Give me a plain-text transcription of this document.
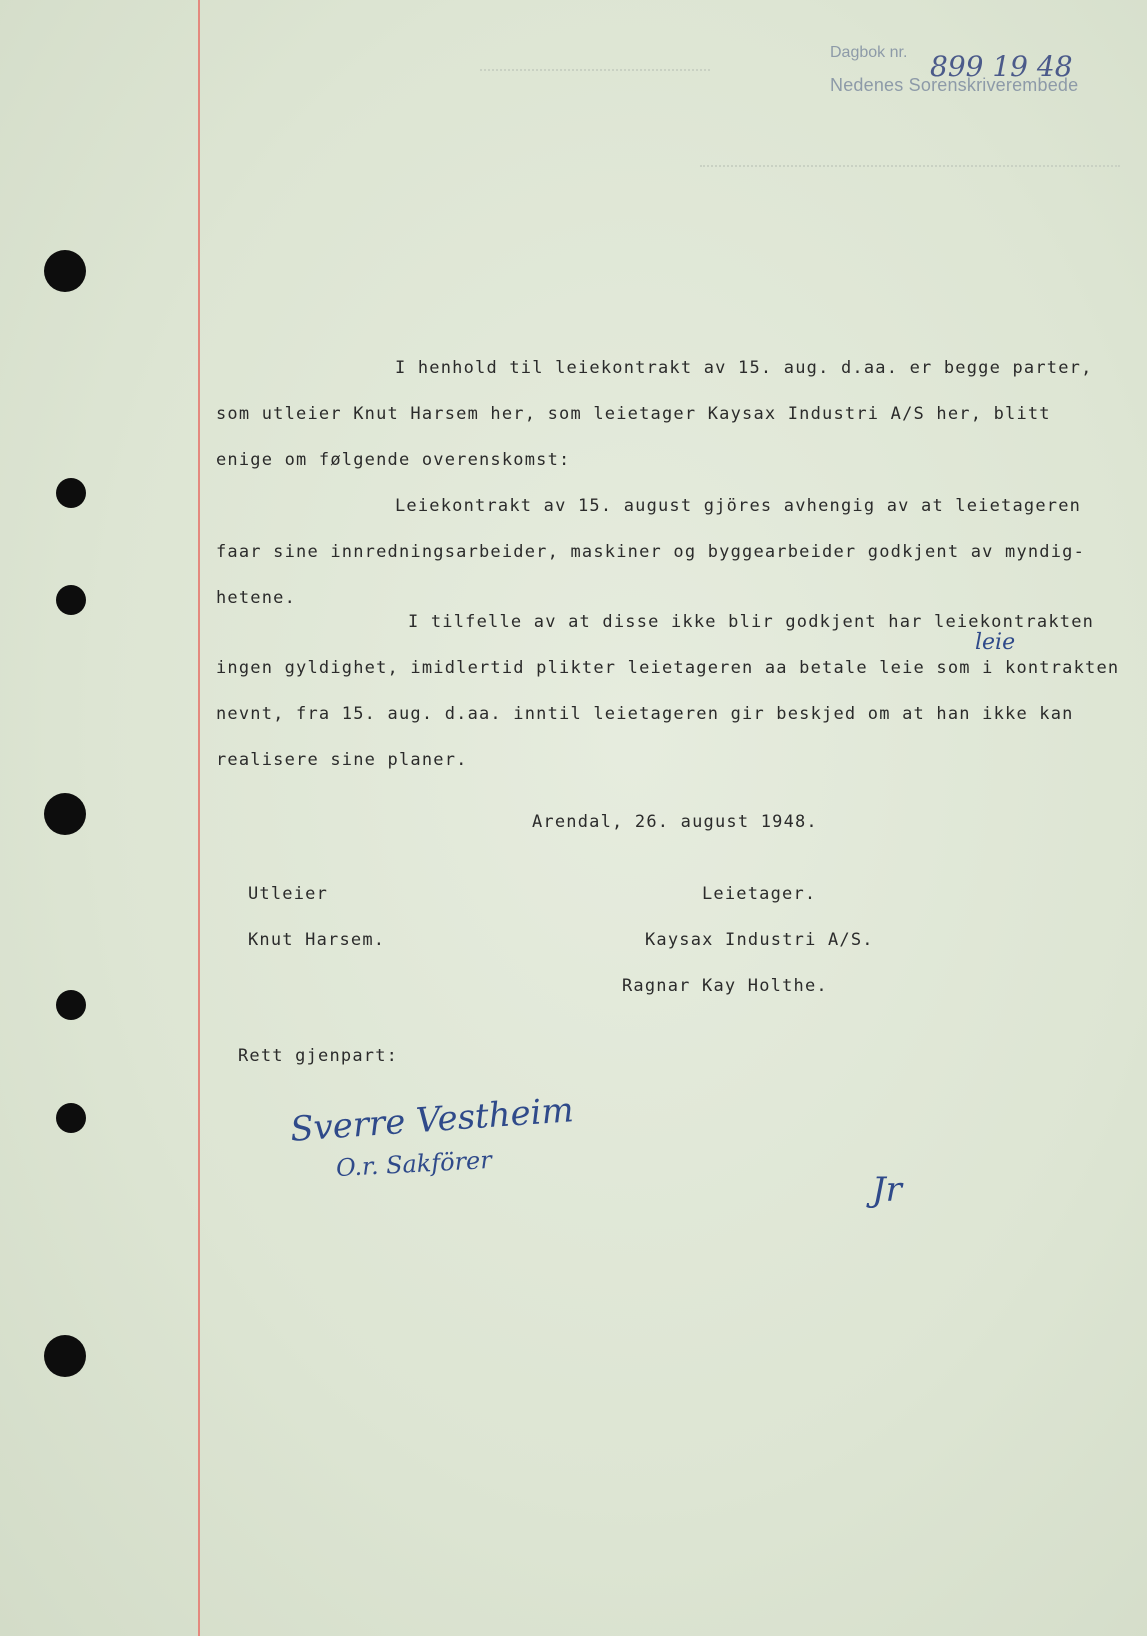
Dagbok nr. 899 19 48
Nedenes Sorenskriverembede
I henhold til leiekontrakt av 15. aug. d.aa. er begge parter,
som utleier Knut Harsem her, som leietager Kaysax Industri A/S her, blitt
enige om følgende overenskomst:
Leiekontrakt av 15. august gjöres avhengig av at leietageren
faar sine innredningsarbeider, maskiner og byggearbeider godkjent av myndig-
hetene.
I tilfelle av at disse ikke blir godkjent har leiekontrakten
leie
ingen gyldighet, imidlertid plikter leietageren aa betale leie som i kontrakten
nevnt, fra 15. aug. d.aa. inntil leietageren gir beskjed om at han ikke kan
realisere sine planer.
Arendal, 26. august 1948.
Utleier	Leietager.
Knut Harsem.	Kaysax Industri A/S.
Ragnar Kay Holthe.
Rett gjenpart:
Sverre Vestheim
O.r. Sakförer
Jr
